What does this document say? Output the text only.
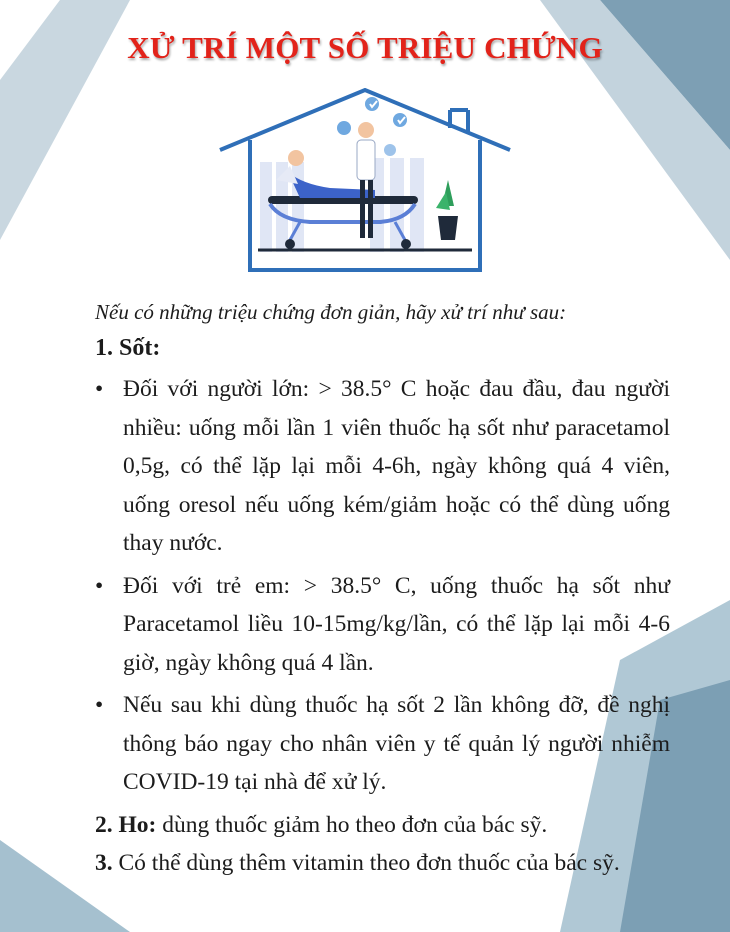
XỬ TRÍ MỘT SỐ TRIỆU CHỨNG

Nếu có những triệu chứng đơn giản, hãy xử trí như sau:

1. Sốt:
• Đối với người lớn: > 38.5° C hoặc đau đầu, đau người nhiều: uống mỗi lần 1 viên thuốc hạ sốt như paracetamol 0,5g, có thể lặp lại mỗi 4-6h, ngày không quá 4 viên, uống oresol nếu uống kém/giảm hoặc có thể dùng uống thay nước.
• Đối với trẻ em: > 38.5° C, uống thuốc hạ sốt như Paracetamol liều 10-15mg/kg/lần, có thể lặp lại mỗi 4-6 giờ, ngày không quá 4 lần.
• Nếu sau khi dùng thuốc hạ sốt 2 lần không đỡ, đề nghị thông báo ngay cho nhân viên y tế quản lý người nhiễm COVID-19 tại nhà để xử lý.

2. Ho: dùng thuốc giảm ho theo đơn của bác sỹ.

3. Có thể dùng thêm vitamin theo đơn thuốc của bác sỹ.
